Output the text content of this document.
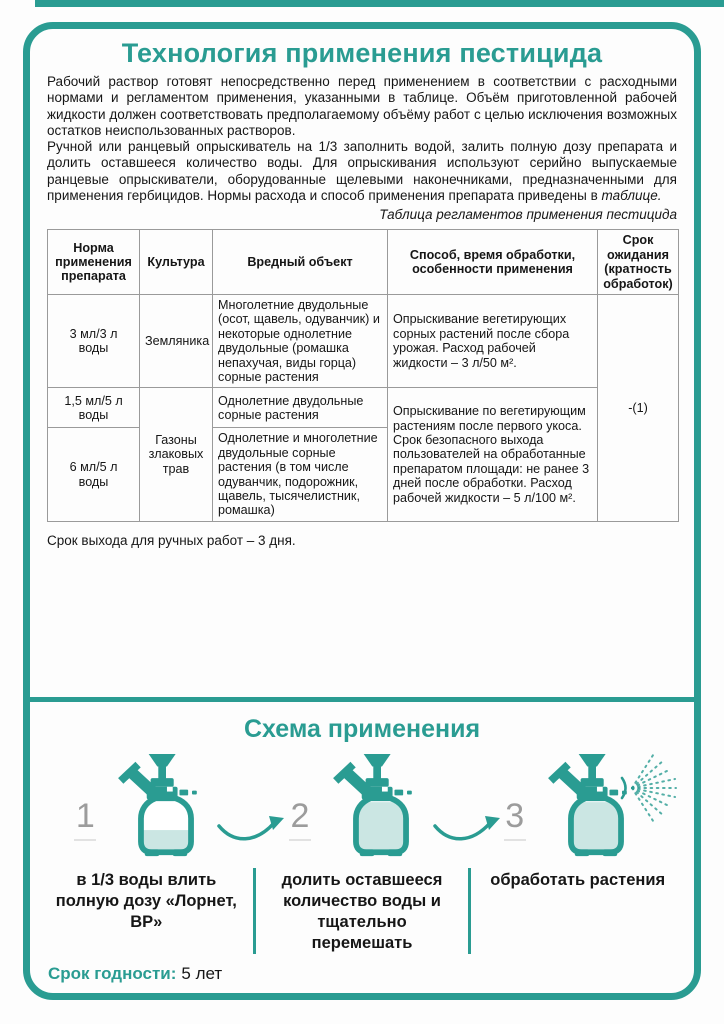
Технология применения пестицида

Рабочий раствор готовят непосредственно перед применением в соответствии с расходными нормами и регламентом применения, указанными в таблице. Объём приготовленной рабочей жидкости должен соответствовать предполагаемому объёму работ с целью исключения возможных остатков неиспользованных растворов.

Ручной или ранцевый опрыскиватель на 1/3 заполнить водой, залить полную дозу препарата и долить оставшееся количество воды. Для опрыскивания используют серийно выпускаемые ранцевые опрыскиватели, оборудованные щелевыми наконечниками, предназначенными для применения гербицидов. Нормы расхода и способ применения препарата приведены в таблице.

Таблица регламентов применения пестицида
Норма применения препарата	Культура	Вредный объект	Способ, время обработки, особенности применения	Срок ожидания (кратность обработок)
3 мл/3 л воды	Земляника	Многолетние двудольные (осот, щавель, одуванчик) и некоторые однолетние двудольные (ромашка непахучая, виды горца) сорные растения	Опрыскивание вегетирующих сорных растений после сбора урожая. Расход рабочей жидкости – 3 л/50 м².	-(1)
1,5 мл/5 л воды	Газоны злаковых трав	Однолетние двудольные сорные растения	Опрыскивание по вегетирующим растениям после первого укоса. Срок безопасного выхода пользователей на обработанные препаратом площади: не ранее 3 дней после обработки. Расход рабочей жидкости – 5 л/100 м².	
6 мл/5 л воды		Однолетние и многолетние двудольные сорные растения (в том числе одуванчик, подорожник, щавель, тысячелистник, ромашка)		

Срок выхода для ручных работ – 3 дня.

Схема применения
1	2	3
в 1/3 воды влить полную дозу «Лорнет, ВР»
долить оставшееся количество воды и тщательно перемешать
обработать растения
Срок годности: 5 лет
